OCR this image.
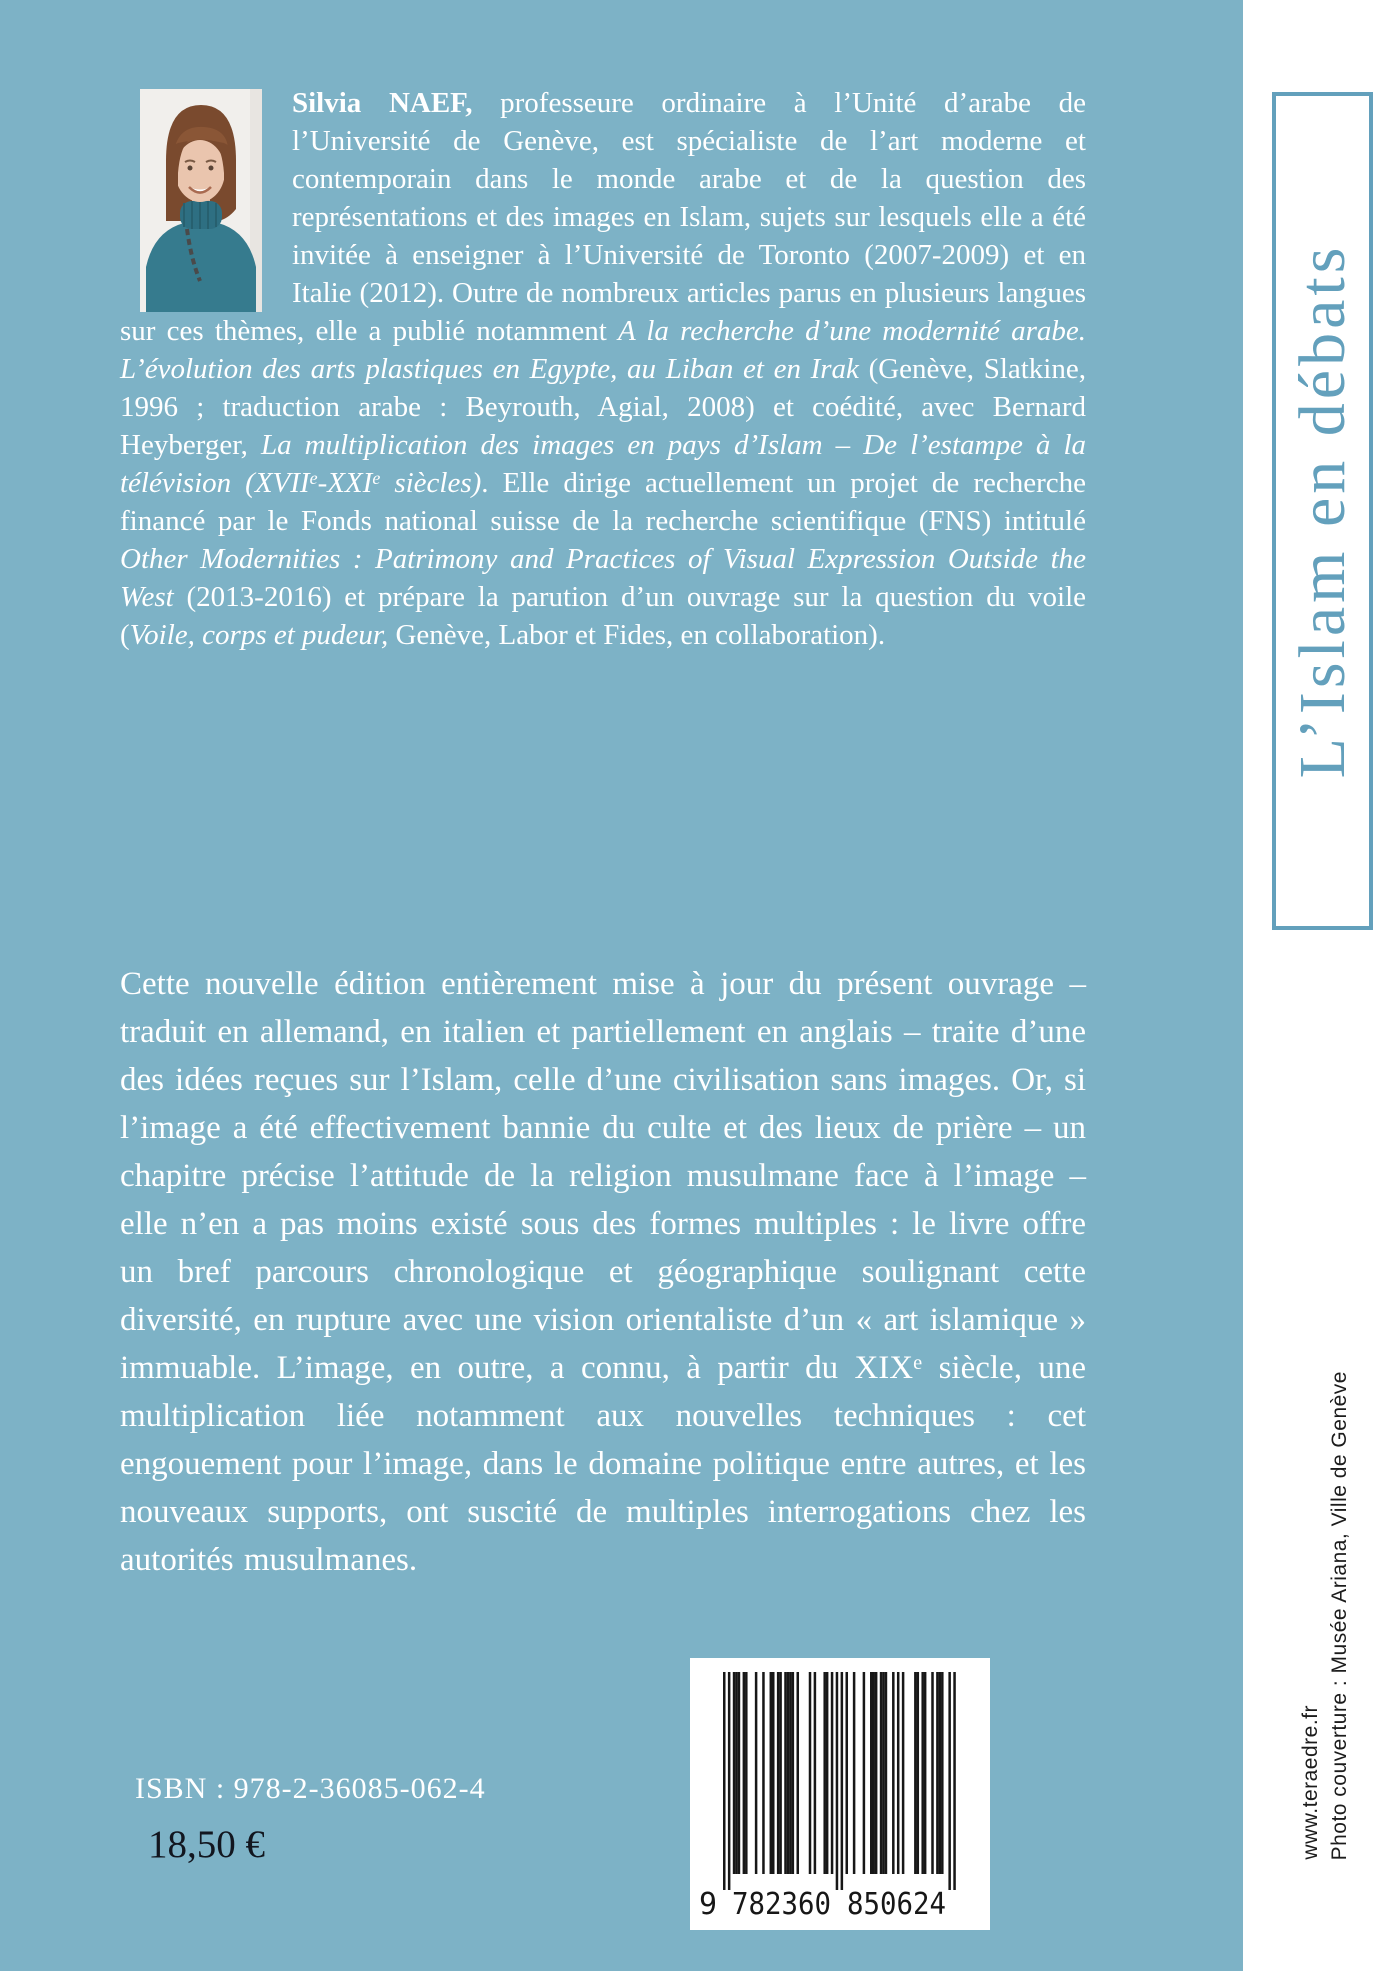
Silvia NAEF, professeure ordinaire à l’Unité d’arabe de l’Université de Genève, est spécialiste de l’art moderne et contemporain dans le monde arabe et de la question des représentations et des images en Islam, sujets sur lesquels elle a été invitée à enseigner à l’Université de Toronto (2007-2009) et en Italie (2012). Outre de nombreux articles parus en plusieurs langues sur ces thèmes, elle a publié notamment A la recherche d’une modernité arabe. L’évolution des arts plastiques en Egypte, au Liban et en Irak (Genève, Slatkine, 1996 ; traduction arabe : Beyrouth, Agial, 2008) et coédité, avec Bernard Heyberger, La multiplication des images en pays d’Islam – De l’estampe à la télévision (XVIIe-XXIe siècles). Elle dirige actuellement un projet de recherche financé par le Fonds national suisse de la recherche scientifique (FNS) intitulé Other Modernities : Patrimony and Practices of Visual Expression Outside the West (2013-2016) et prépare la parution d’un ouvrage sur la question du voile (Voile, corps et pudeur, Genève, Labor et Fides, en collaboration).

Cette nouvelle édition entièrement mise à jour du présent ouvrage – traduit en allemand, en italien et partiellement en anglais – traite d’une des idées reçues sur l’Islam, celle d’une civilisation sans images. Or, si l’image a été effectivement bannie du culte et des lieux de prière – un chapitre précise l’attitude de la religion musulmane face à l’image – elle n’en a pas moins existé sous des formes multiples : le livre offre un bref parcours chronologique et géographique soulignant cette diversité, en rupture avec une vision orientaliste d’un « art islamique » immuable. L’image, en outre, a connu, à partir du XIXe siècle, une multiplication liée notamment aux nouvelles techniques : cet engouement pour l’image, dans le domaine politique entre autres, et les nouveaux supports, ont suscité de multiples interrogations chez les autorités musulmanes.

ISBN : 978-2-36085-062-4
18,50 €
9 782360 850624
L’Islam en débats
www.teraedre.fr Photo couverture : Musée Ariana, Ville de Genève
